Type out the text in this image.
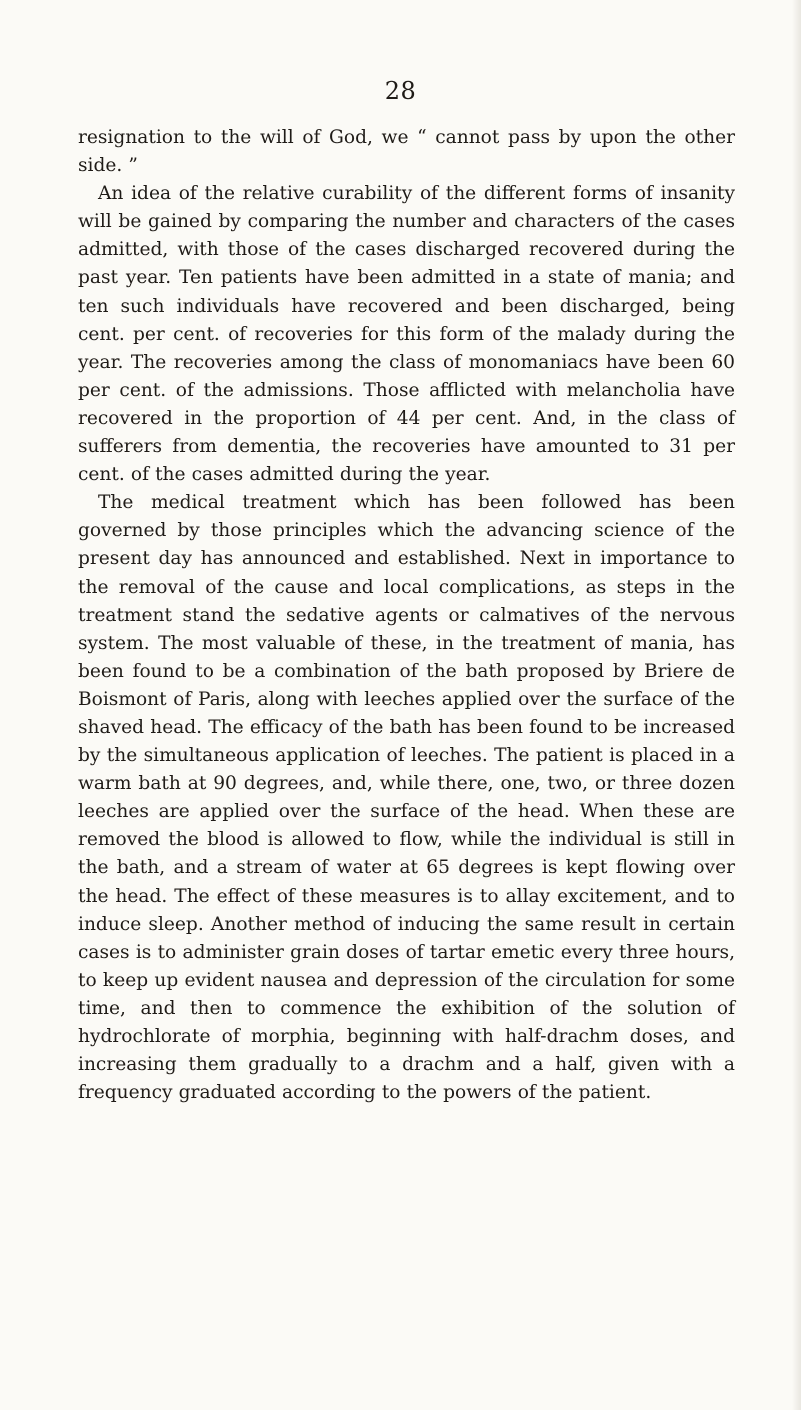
28

resignation to the will of God, we “ cannot pass by upon the other side. ”

An idea of the relative curability of the different forms of insanity will be gained by comparing the number and characters of the cases admitted, with those of the cases discharged recovered during the past year. Ten patients have been admitted in a state of mania; and ten such individuals have recovered and been discharged, being cent. per cent. of recoveries for this form of the malady during the year. The recoveries among the class of monomaniacs have been 60 per cent. of the admissions. Those afflicted with melancholia have recovered in the proportion of 44 per cent. And, in the class of sufferers from dementia, the recoveries have amounted to 31 per cent. of the cases admitted during the year.

The medical treatment which has been followed has been governed by those principles which the advancing science of the present day has announced and established. Next in importance to the removal of the cause and local complications, as steps in the treatment stand the sedative agents or calmatives of the nervous system. The most valuable of these, in the treatment of mania, has been found to be a combination of the bath proposed by Briere de Boismont of Paris, along with leeches applied over the surface of the shaved head. The efficacy of the bath has been found to be increased by the simultaneous application of leeches. The patient is placed in a warm bath at 90 degrees, and, while there, one, two, or three dozen leeches are applied over the surface of the head. When these are removed the blood is allowed to flow, while the individual is still in the bath, and a stream of water at 65 degrees is kept flowing over the head. The effect of these measures is to allay excitement, and to induce sleep. Another method of inducing the same result in certain cases is to administer grain doses of tartar emetic every three hours, to keep up evident nausea and depression of the circulation for some time, and then to commence the exhibition of the solution of hydrochlorate of morphia, beginning with half-drachm doses, and increasing them gradually to a drachm and a half, given with a frequency graduated according to the powers of the patient.
